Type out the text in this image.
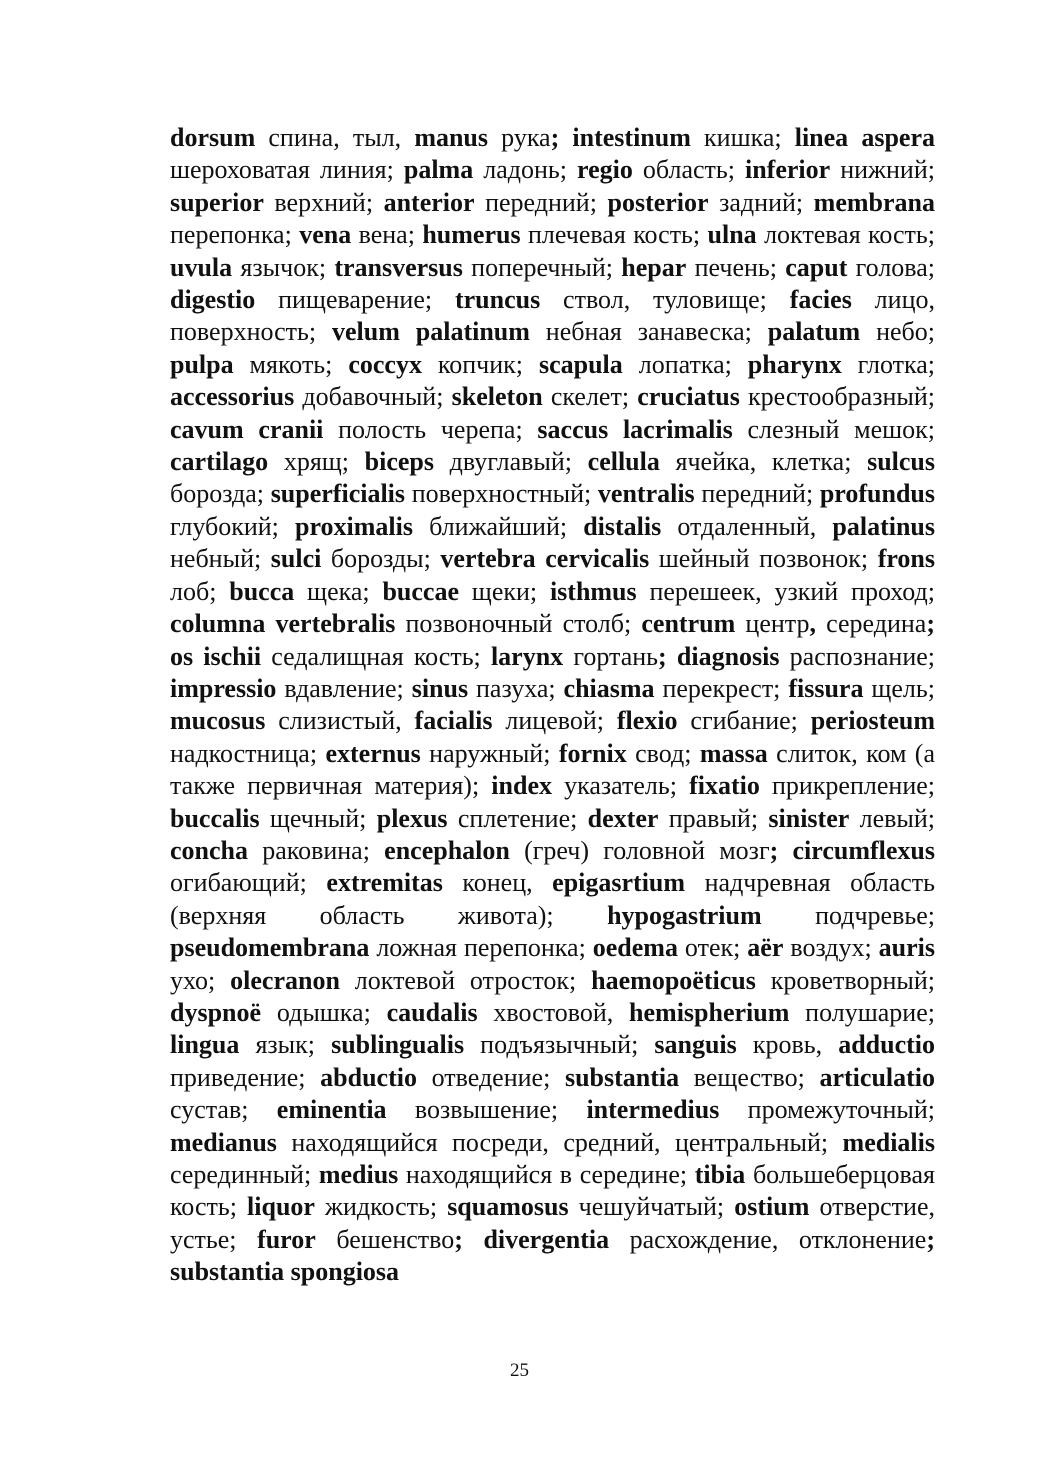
dorsum спина, тыл, manus рука; intestinum кишка; linea aspera шероховатая линия; palma ладонь; regio область; inferior нижний; superior верхний; anterior передний; posterior задний; membrana перепонка; vena вена; humerus плечевая кость; ulna локтевая кость; uvula язычок; transversus поперечный; hepar печень; caput голова; digestio пищеварение; truncus ствол, туловище; facies лицо, поверхность; velum palatinum небная занавеска; palatum небо; pulpa мякоть; coccyx копчик; scapula лопатка; pharynx глотка; accessorius добавочный; skeleton скелет; cruciatus крестообразный; cavum cranii полость черепа; saccus lacrimalis слезный мешок; cartilago хрящ; biceps двуглавый; cellula ячейка, клетка; sulcus борозда; superficialis поверхностный; ventralis передний; profundus глубокий; proximalis ближайший; distalis отдаленный, palatinus небный; sulci борозды; vertebra cervicalis шейный позвонок; frons лоб; bucca щека; buccae щеки; isthmus перешеек, узкий проход; columna vertebralis позвоночный столб; centrum центр, середина; os ischii седалищная кость; larynx гортань; diagnosis распознание; impressio вдавление; sinus пазуха; chiasma перекрест; fissura щель; mucosus слизистый, facialis лицевой; flexio сгибание; periosteum надкостница; externus наружный; fornix свод; massa слиток, ком (а также первичная материя); index указатель; fixatio прикрепление; buccalis щечный; plexus сплетение; dexter правый; sinister левый; concha раковина; encephalon (греч) головной мозг; circumflexus огибающий; extremitas конец, epigasrtium надчревная область (верхняя область живота); hypogastrium подчревье; pseudomembrana ложная перепонка; oedema отек; aёr воздух; auris ухо; olecranon локтевой отросток; haemopoёticus кроветворный; dyspnoё одышка; caudalis хвостовой, hemispherium полушарие; lingua язык; sublingualis подъязычный; sanguis кровь, adductio приведение; abductio отведение; substantia вещество; articulatio сустав; eminentia возвышение; intermedius промежуточный; medianus находящийся посреди, средний, центральный; medialis серединный; medius находящийся в середине; tibia большеберцовая кость; liquor жидкость; squamosus чешуйчатый; ostium отверстие, устье; furor бешенство; divergentia расхождение, отклонение; substantia spongiosa
25
